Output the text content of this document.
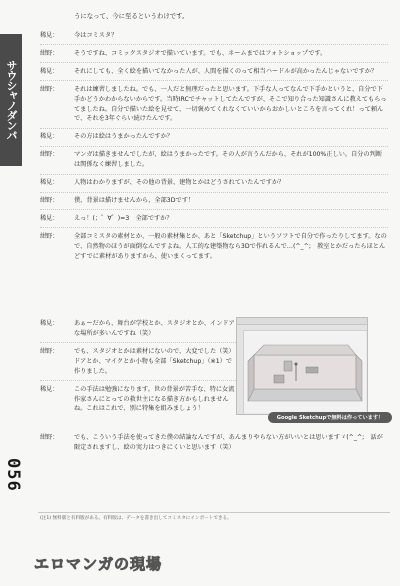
サウシャノダンパ
056
うになって、今に至るというわけです。
稀見：	今はコミスタ？
紺野：	そうですね、コミックスタジオで描いています。でも、ネームまではフォトショップです。
稀見：	それにしても、全く絵を描いてなかった人が、人間を描くのって相当ハードルが高かったんじゃないですか？
紺野：	それは練習しましたね。でも、一人だと無理だったと思います。下手な人ってなんで下手かというと、自分で下手かどうかわからないからです。当時IRCでチャットしてたんですが、そこで知り合った知識さんに教えてもらってましたね。自分で描いた絵を見せて、一切褒めてくれなくていいからおかしいところを言ってくれ！って頼んで、それを3年ぐらい続けたんです。
稀見：	その方は絵はうまかったんですか？
紺野：	マンガは描きませんでしたが、絵はうまかったです。その人が言うんだから、それが100%正しい。自分の判断は関係なく練習しました。
稀見：	人物はわかりますが、その他の背景、建物とかはどうされていたんですか？
紺野：	僕、背景は描けませんから、全部3Dです！
稀見：	えっ！(；゜∀゜)=3　全部ですか？
紺野：	全部コミスタの素材とか、一般の素材集とか、あと「Sketchup」というソフトで自分で作ったりしてます。なので、自然物のほうが面倒なんですよね。人工的な建築物なら3Dで作れるんで…(^_^;　教室とかだったらほとんどすでに素材がありますから、使いまくってます。
稀見：	あぁーだから、舞台が学校とか、スタジオとか、インドアな場所が多いんですね（笑）
紺野：	でも、スタジオとかは素材にないので、大変でした（笑）
ドアとか、マイクとか小物も全部「Sketchup」（※1）で作りました。
稀見：	この手法は勉強になります。世の背景が苦手な、特に女流作家さんにとっての救世主になる描き方かもしれませんね。これはこれで、別に特集を組みましょう！
Google Sketchupで無料は作っています！
紺野：	でも、こういう手法を使ってきた僕の結論なんですが、あんまりやらない方がいいとは思いますゞ(^_^;　話が限定されますし、絵の実力はつきにくいと思います（笑）
(注1) 無料版と有料版がある。有料版は、データを書き出してコミスタにインポートできる。
エロマンガの現場
